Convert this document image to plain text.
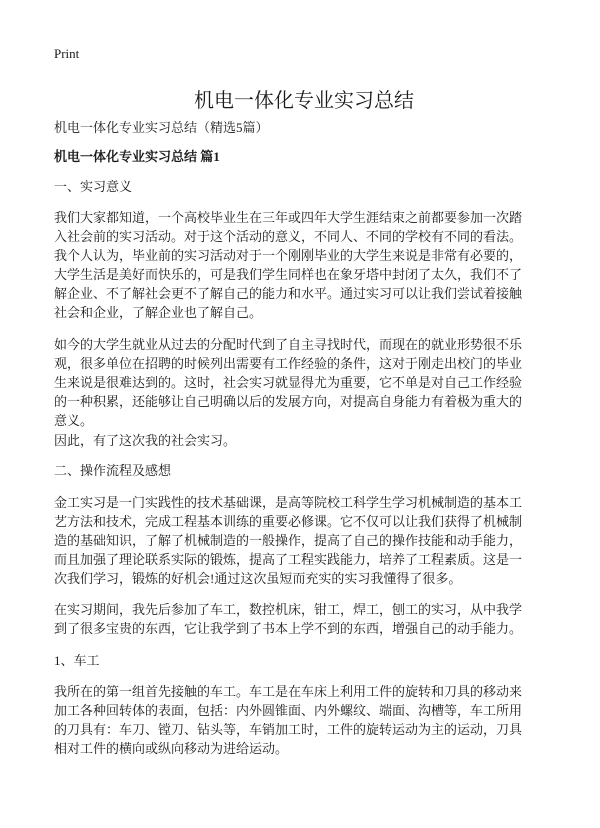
Print
机电一体化专业实习总结
机电一体化专业实习总结（精选5篇）
机电一体化专业实习总结 篇1
一、实习意义
我们大家都知道，一个高校毕业生在三年或四年大学生涯结束之前都要参加一次踏
入社会前的实习活动。对于这个活动的意义，不同人、不同的学校有不同的看法。
我个人认为，毕业前的实习活动对于一个刚刚毕业的大学生来说是非常有必要的，
大学生活是美好而快乐的，可是我们学生同样也在象牙塔中封闭了太久，我们不了
解企业、不了解社会更不了解自己的能力和水平。通过实习可以让我们尝试着接触
社会和企业，了解企业也了解自己。
如今的大学生就业从过去的分配时代到了自主寻找时代，而现在的就业形势很不乐
观，很多单位在招聘的时候列出需要有工作经验的条件，这对于刚走出校门的毕业
生来说是很难达到的。这时，社会实习就显得尤为重要，它不单是对自己工作经验
的一种积累，还能够让自己明确以后的发展方向，对提高自身能力有着极为重大的
意义。
因此，有了这次我的社会实习。
二、操作流程及感想
金工实习是一门实践性的技术基础课，是高等院校工科学生学习机械制造的基本工
艺方法和技术，完成工程基本训练的重要必修课。它不仅可以让我们获得了机械制
造的基础知识，了解了机械制造的一般操作，提高了自己的操作技能和动手能力，
而且加强了理论联系实际的锻炼，提高了工程实践能力，培养了工程素质。这是一
次我们学习，锻炼的好机会!通过这次虽短而充实的实习我懂得了很多。
在实习期间，我先后参加了车工，数控机床，钳工，焊工，刨工的实习，从中我学
到了很多宝贵的东西，它让我学到了书本上学不到的东西，增强自己的动手能力。
1、车工
我所在的第一组首先接触的车工。车工是在车床上利用工件的旋转和刀具的移动来
加工各种回转体的表面，包括：内外圆锥面、内外螺纹、端面、沟槽等，车工所用
的刀具有：车刀、镗刀、钻头等，车销加工时，工件的旋转运动为主的运动，刀具
相对工件的横向或纵向移动为进给运动。
